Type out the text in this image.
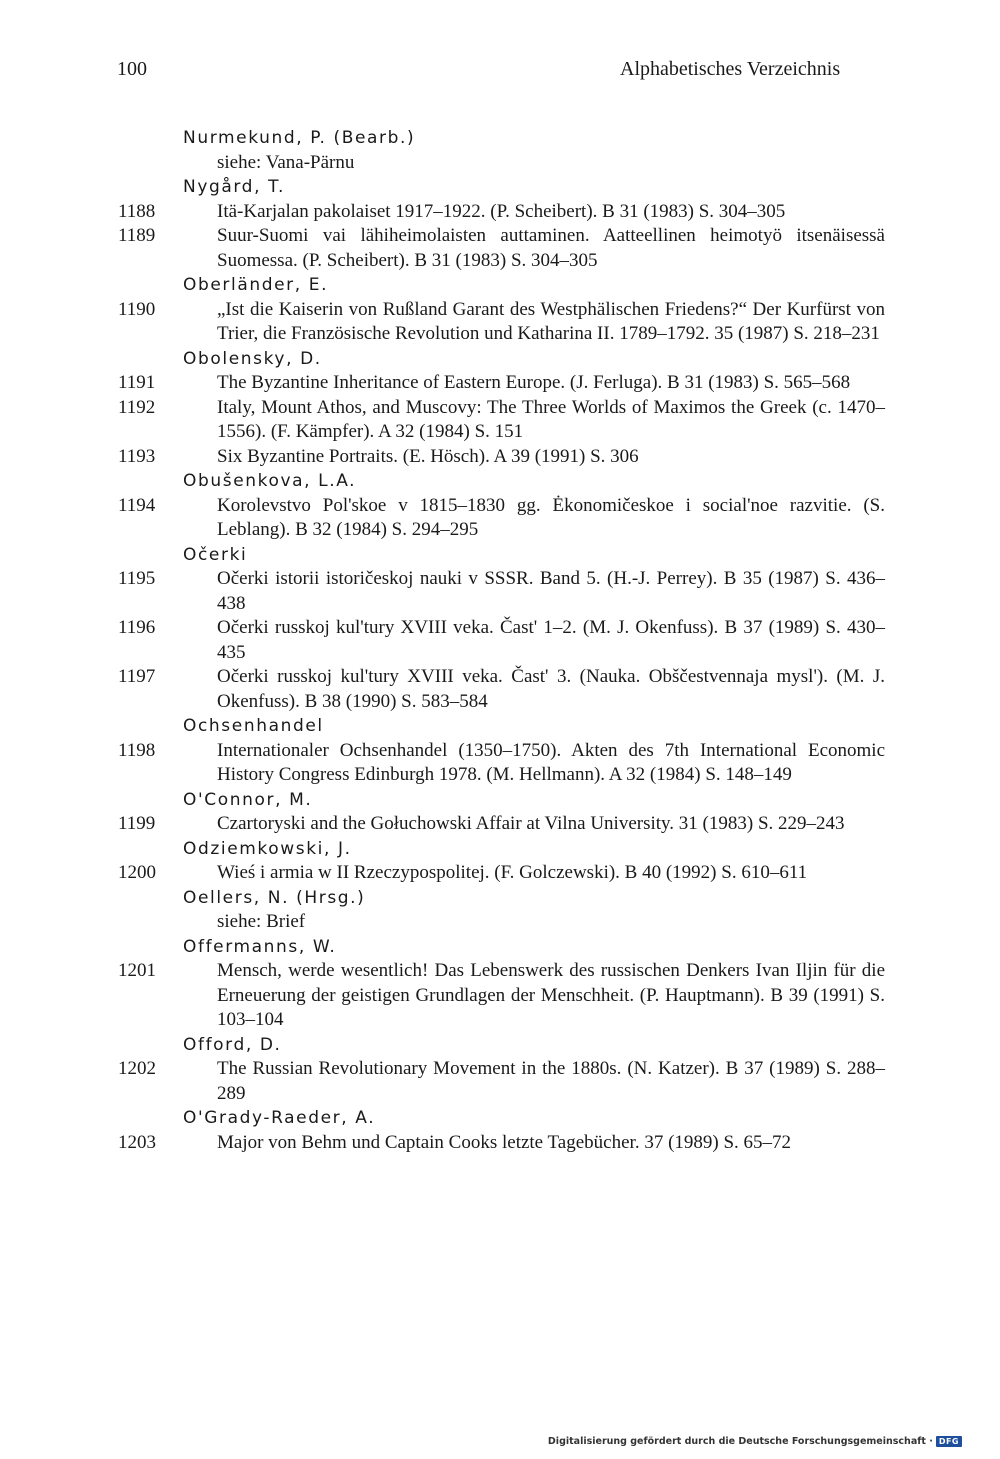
100	Alphabetisches Verzeichnis
Nurmekund, P. (Bearb.)
siehe: Vana-Pärnu
Nygård, T.
1188	Itä-Karjalan pakolaiset 1917–1922. (P. Scheibert). B 31 (1983) S. 304–305
1189	Suur-Suomi vai lähiheimolaisten auttaminen. Aatteellinen heimotyö itsenäisessä Suomessa. (P. Scheibert). B 31 (1983) S. 304–305
Oberländer, E.
1190	„Ist die Kaiserin von Rußland Garant des Westphälischen Friedens?“ Der Kurfürst von Trier, die Französische Revolution und Katharina II. 1789–1792. 35 (1987) S. 218–231
Obolensky, D.
1191	The Byzantine Inheritance of Eastern Europe. (J. Ferluga). B 31 (1983) S. 565–568
1192	Italy, Mount Athos, and Muscovy: The Three Worlds of Maximos the Greek (c. 1470–1556). (F. Kämpfer). A 32 (1984) S. 151
1193	Six Byzantine Portraits. (E. Hösch). A 39 (1991) S. 306
Obušenkova, L.A.
1194	Korolevstvo Pol'skoe v 1815–1830 gg. Ėkonomičeskoe i social'noe razvitie. (S. Leblang). B 32 (1984) S. 294–295
Očerki
1195	Očerki istorii istoričeskoj nauki v SSSR. Band 5. (H.-J. Perrey). B 35 (1987) S. 436–438
1196	Očerki russkoj kul'tury XVIII veka. Čast' 1–2. (M. J. Okenfuss). B 37 (1989) S. 430–435
1197	Očerki russkoj kul'tury XVIII veka. Čast' 3. (Nauka. Obščestvennaja mysl'). (M. J. Okenfuss). B 38 (1990) S. 583–584
Ochsenhandel
1198	Internationaler Ochsenhandel (1350–1750). Akten des 7th International Economic History Congress Edinburgh 1978. (M. Hellmann). A 32 (1984) S. 148–149
O'Connor, M.
1199	Czartoryski and the Gołuchowski Affair at Vilna University. 31 (1983) S. 229–243
Odziemkowski, J.
1200	Wieś i armia w II Rzeczypospolitej. (F. Golczewski). B 40 (1992) S. 610–611
Oellers, N. (Hrsg.)
siehe: Brief
Offermanns, W.
1201	Mensch, werde wesentlich! Das Lebenswerk des russischen Denkers Ivan Iljin für die Erneuerung der geistigen Grundlagen der Menschheit. (P. Hauptmann). B 39 (1991) S. 103–104
Offord, D.
1202	The Russian Revolutionary Movement in the 1880s. (N. Katzer). B 37 (1989) S. 288–289
O'Grady-Raeder, A.
1203	Major von Behm und Captain Cooks letzte Tagebücher. 37 (1989) S. 65–72
Digitalisierung gefördert durch die Deutsche Forschungsgemeinschaft · DFG
